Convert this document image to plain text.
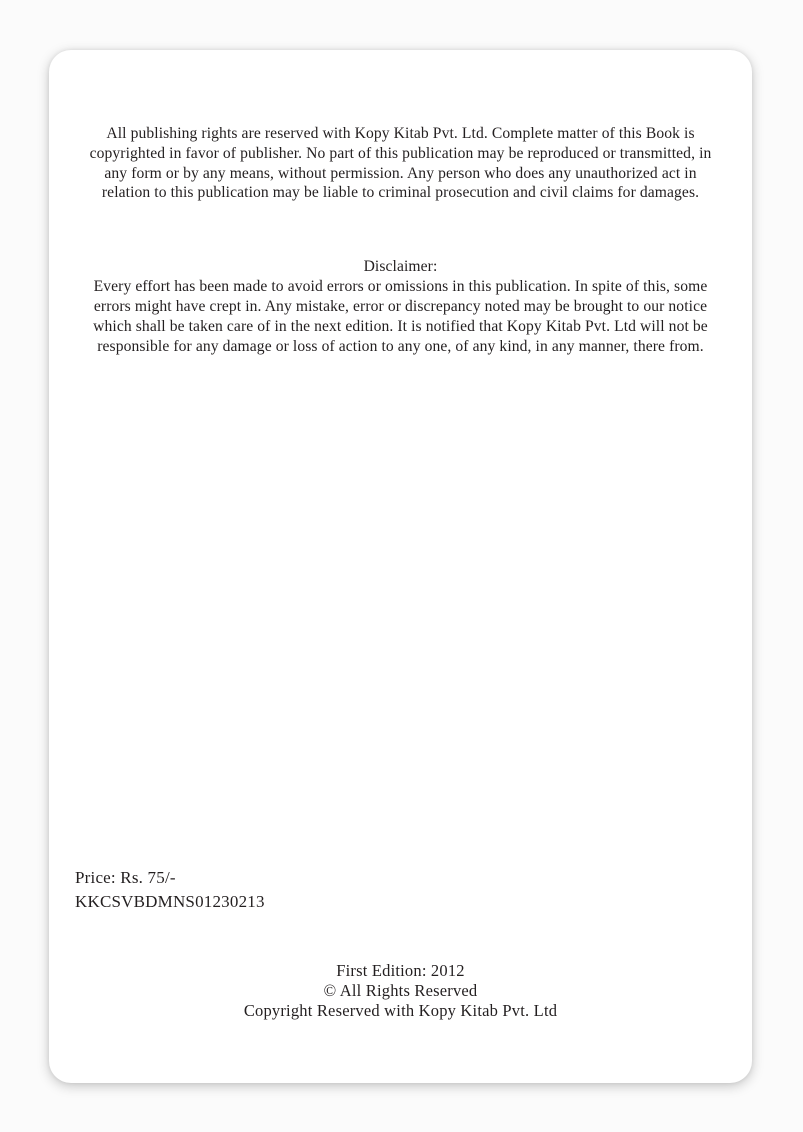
All publishing rights are reserved with Kopy Kitab Pvt. Ltd. Complete matter of this Book is copyrighted in favor of publisher. No part of this publication may be reproduced or transmitted, in any form or by any means, without permission. Any person who does any unauthorized act in relation to this publication may be liable to criminal prosecution and civil claims for damages.

Disclaimer:
Every effort has been made to avoid errors or omissions in this publication. In spite of this, some errors might have crept in. Any mistake, error or discrepancy noted may be brought to our notice which shall be taken care of in the next edition. It is notified that Kopy Kitab Pvt. Ltd will not be responsible for any damage or loss of action to any one, of any kind, in any manner, there from.
Price: Rs. 75/-
KKCSVBDMNS01230213
First Edition: 2012
© All Rights Reserved
Copyright Reserved with Kopy Kitab Pvt. Ltd
